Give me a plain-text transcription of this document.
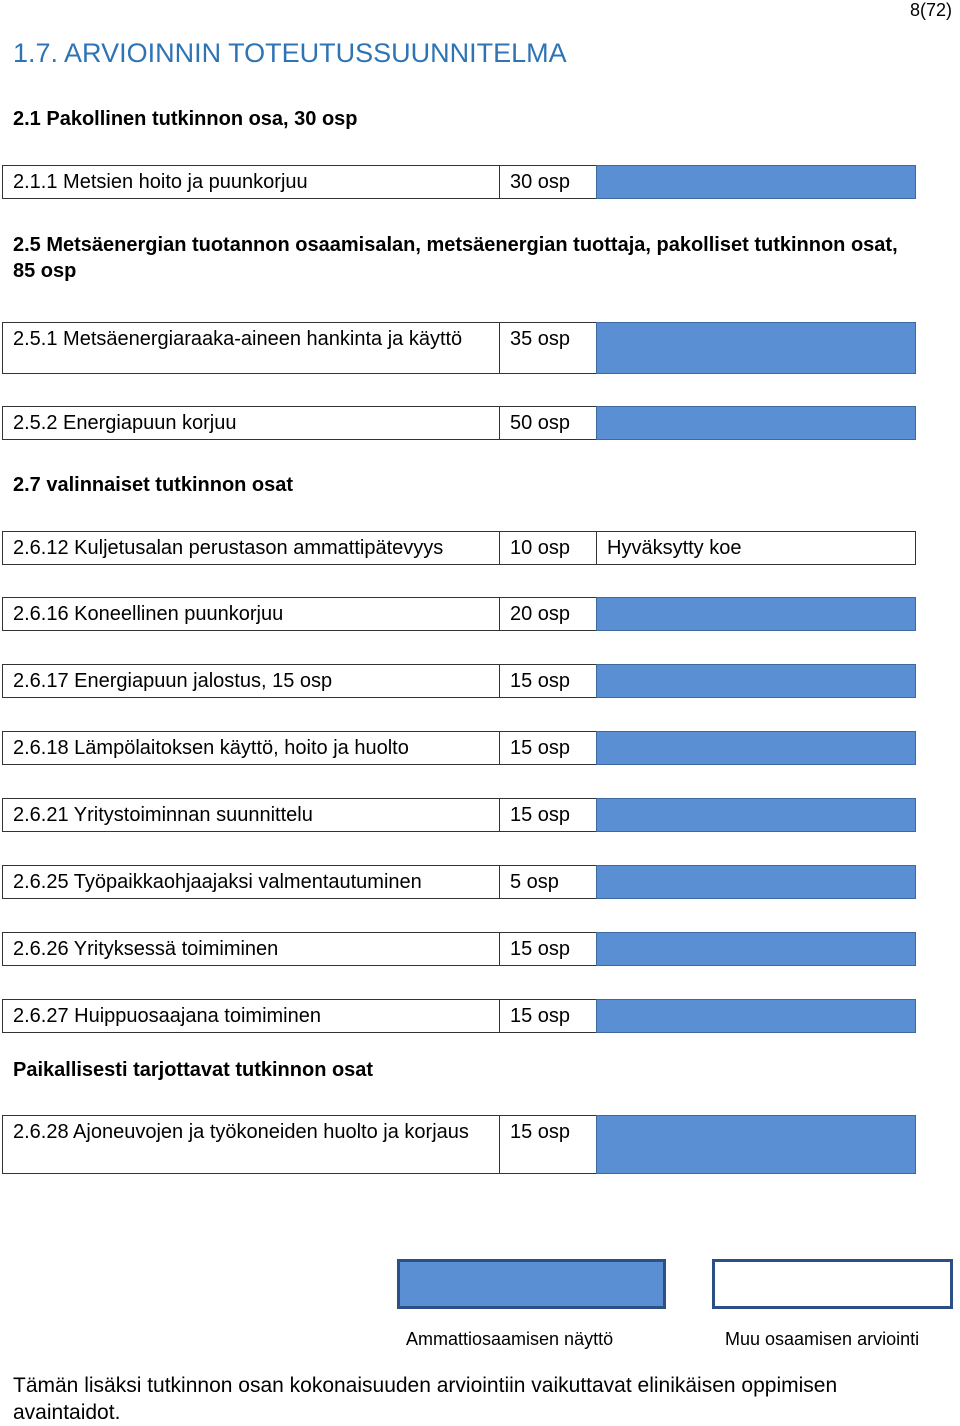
8(72)
1.7. ARVIOINNIN TOTEUTUSSUUNNITELMA
2.1 Pakollinen tutkinnon osa, 30 osp
2.1.1 Metsien hoito ja puunkorjuu	30 osp
2.5 Metsäenergian tuotannon osaamisalan, metsäenergian tuottaja, pakolliset tutkinnon osat, 85 osp
2.5.1 Metsäenergiaraaka-aineen hankinta ja käyttö	35 osp
2.5.2 Energiapuun korjuu	50 osp
2.7 valinnaiset tutkinnon osat
2.6.12 Kuljetusalan perustason ammattipätevyys	10 osp	Hyväksytty koe
2.6.16 Koneellinen puunkorjuu	20 osp
2.6.17 Energiapuun jalostus, 15 osp	15 osp
2.6.18 Lämpölaitoksen käyttö, hoito ja huolto	15 osp
2.6.21 Yritystoiminnan suunnittelu	15 osp
2.6.25 Työpaikkaohjaajaksi valmentautuminen	5 osp
2.6.26 Yrityksessä toimiminen	15 osp
2.6.27 Huippuosaajana toimiminen	15 osp
Paikallisesti tarjottavat tutkinnon osat
2.6.28 Ajoneuvojen ja työkoneiden huolto ja korjaus	15 osp
Ammattiosaamisen näyttö	Muu osaamisen arviointi
Tämän lisäksi tutkinnon osan kokonaisuuden arviointiin vaikuttavat elinikäisen oppimisen avaintaidot.
